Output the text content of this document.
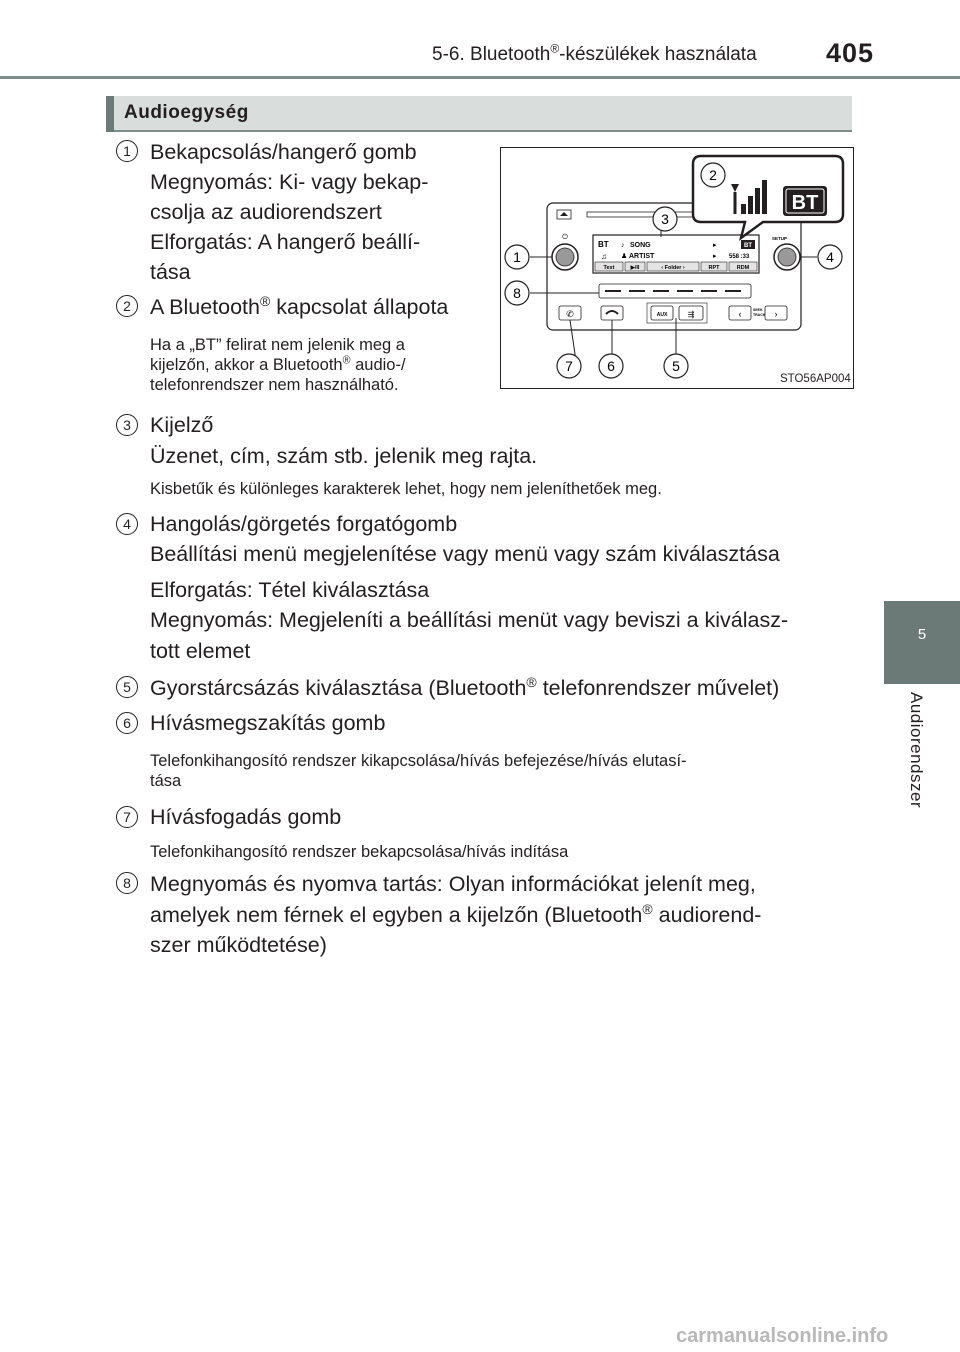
5-6. Bluetooth®-készülékek használata	405
5
Audiorendszer
Audioegység
1 Bekapcsolás/hangerő gomb
Megnyomás: Ki- vagy bekap-
csolja az audiorendszert
Elforgatás: A hangerő beállí-
tása
2 A Bluetooth® kapcsolat állapota
Ha a „BT” felirat nem jelenik meg a
kijelzőn, akkor a Bluetooth® audio-/
telefonrendszer nem használható.
3 Kijelző
Üzenet, cím, szám stb. jelenik meg rajta.
Kisbetűk és különleges karakterek lehet, hogy nem jeleníthetőek meg.
4 Hangolás/görgetés forgatógomb
Beállítási menü megjelenítése vagy menü vagy szám kiválasztása
Elforgatás: Tétel kiválasztása
Megnyomás: Megjeleníti a beállítási menüt vagy beviszi a kiválasz-
tott elemet
5 Gyorstárcsázás kiválasztása (Bluetooth® telefonrendszer művelet)
6 Hívásmegszakítás gomb
Telefonkihangosító rendszer kikapcsolása/hívás befejezése/hívás elutasí-
tása
7 Hívásfogadás gomb
Telefonkihangosító rendszer bekapcsolása/hívás indítása
8 Megnyomás és nyomva tartás: Olyan információkat jelenít meg,
amelyek nem férnek el egyben a kijelzőn (Bluetooth® audiorend-
szer működtetése)
⏻	SETUP
BT ♪ SONG
♫ ♟ ARTIST
▸
▸ 558 :33
BT
Text	▶/II	‹ Folder ›	RPT	RDM
✆	AUX	⇶	‹	›
SEEK
TRACK
BT
1
2
3
4
5
6
7
8
STO56AP004
carmanualsonline.info
